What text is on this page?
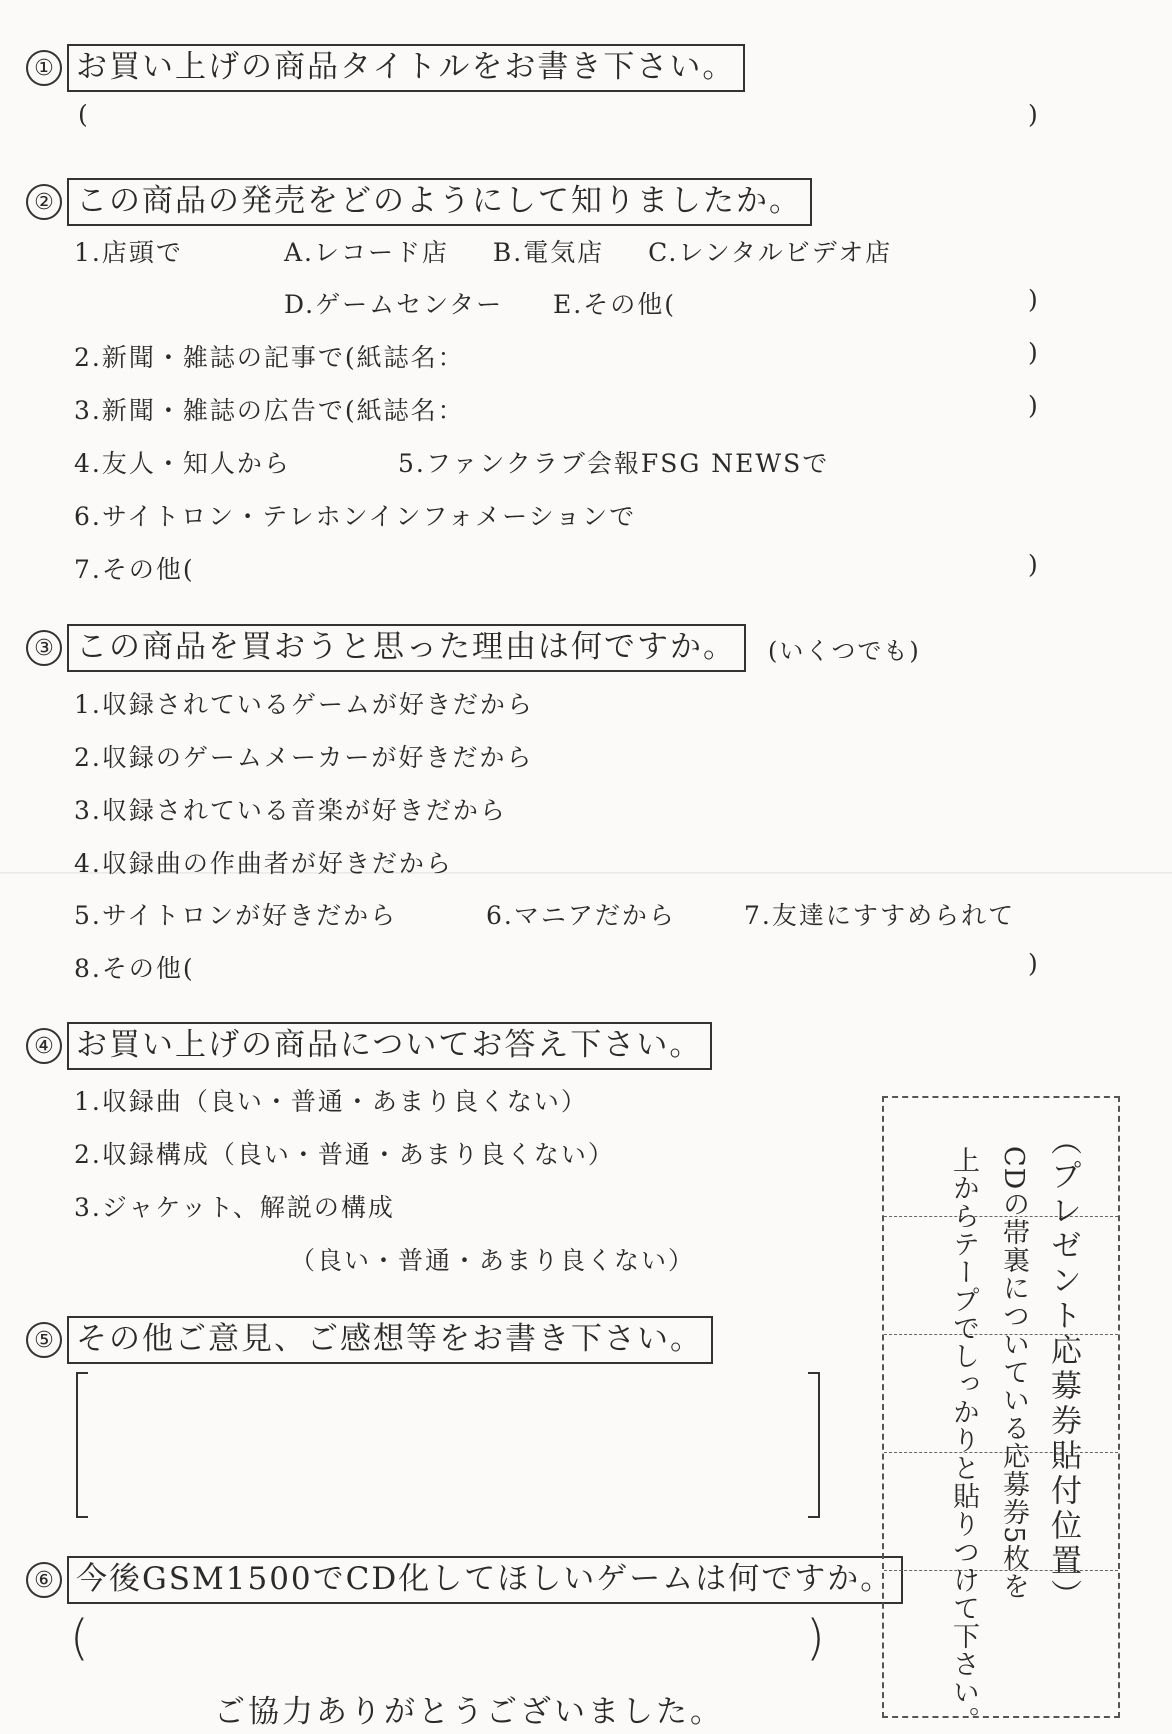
① お買い上げの商品タイトルをお書き下さい。
(	)
② この商品の発売をどのようにして知りましたか。
1.店頭で	A.レコード店 B.電気店 C.レンタルビデオ店
D.ゲームセンター E.その他(	)
2.新聞・雑誌の記事で(紙誌名：	)
3.新聞・雑誌の広告で(紙誌名：	)
4.友人・知人から	5.ファンクラブ会報FSG NEWSで
6.サイトロン・テレホンインフォメーションで
7.その他(	)
③ この商品を買おうと思った理由は何ですか。	(いくつでも)
1.収録されているゲームが好きだから
2.収録のゲームメーカーが好きだから
3.収録されている音楽が好きだから
4.収録曲の作曲者が好きだから
5.サイトロンが好きだから	6.マニアだから	7.友達にすすめられて
8.その他(	)
④ お買い上げの商品についてお答え下さい。
1.収録曲（良い・普通・あまり良くない）
2.収録構成（良い・普通・あまり良くない）
3.ジャケット、解説の構成
（良い・普通・あまり良くない）
⑤ その他ご意見、ご感想等をお書き下さい。
⑥ 今後GSM1500でCD化してほしいゲームは何ですか。
(	)
（プレゼント応募券貼付位置）
CDの帯裏についている応募券5枚を
上からテープでしっかりと貼りつけて下さい。
ご協力ありがとうございました。
